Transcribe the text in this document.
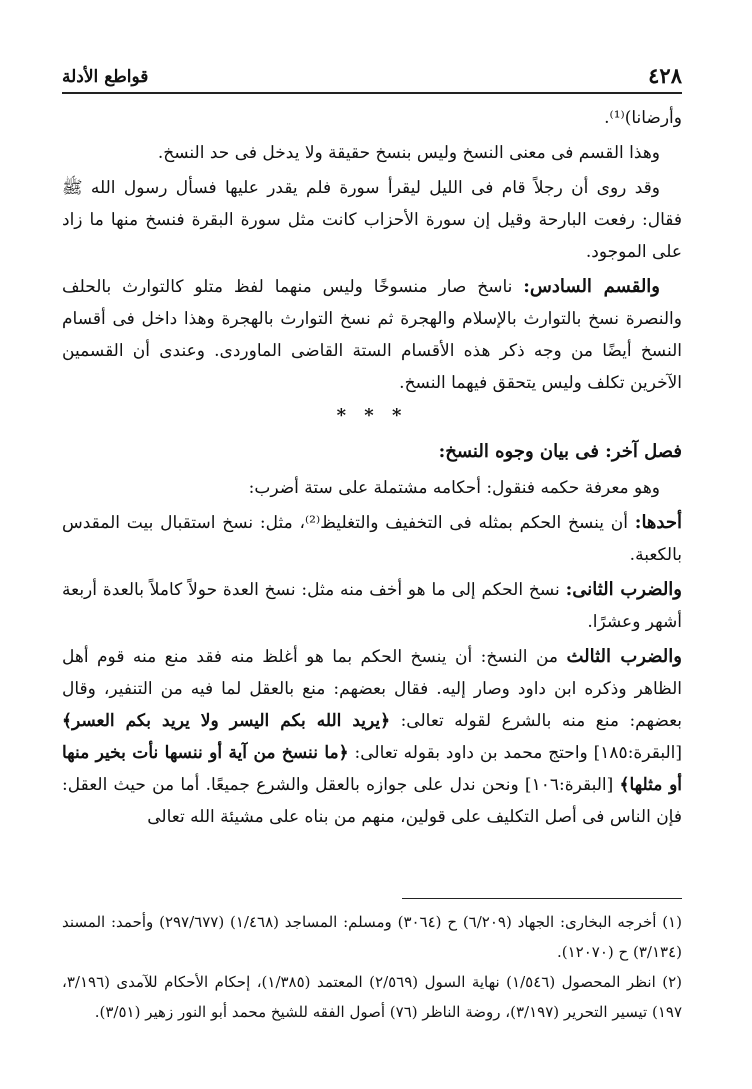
٤٢٨
قواطع الأدلة

وأرضانا)⁽¹⁾.

وهذا القسم فى معنى النسخ وليس بنسخ حقيقة ولا يدخل فى حد النسخ.

وقد روى أن رجلاً قام فى الليل ليقرأ سورة فلم يقدر عليها فسأل رسول الله ﷺ فقال: رفعت البارحة وقيل إن سورة الأحزاب كانت مثل سورة البقرة فنسخ منها ما زاد على الموجود.

والقسم السادس: ناسخ صار منسوخًا وليس منهما لفظ متلو كالتوارث بالحلف والنصرة نسخ بالتوارث بالإسلام والهجرة ثم نسخ التوارث بالهجرة وهذا داخل فى أقسام النسخ أيضًا من وجه ذكر هذه الأقسام الستة القاضى الماوردى. وعندى أن القسمين الآخرين تكلف وليس يتحقق فيهما النسخ.

* * *

فصل آخر: فى بيان وجوه النسخ:

وهو معرفة حكمه فنقول: أحكامه مشتملة على ستة أضرب:

أحدها: أن ينسخ الحكم بمثله فى التخفيف والتغليظ⁽²⁾، مثل: نسخ استقبال بيت المقدس بالكعبة.

والضرب الثانى: نسخ الحكم إلى ما هو أخف منه مثل: نسخ العدة حولاً كاملاً بالعدة أربعة أشهر وعشرًا.

والضرب الثالث من النسخ: أن ينسخ الحكم بما هو أغلظ منه فقد منع منه قوم أهل الظاهر وذكره ابن داود وصار إليه. فقال بعضهم: منع بالعقل لما فيه من التنفير، وقال بعضهم: منع منه بالشرع لقوله تعالى: ﴿يريد الله بكم اليسر ولا يريد بكم العسر﴾ [البقرة:١٨٥] واحتج محمد بن داود بقوله تعالى: ﴿ما ننسخ من آية أو ننسها نأت بخير منها أو مثلها﴾ [البقرة:١٠٦] ونحن ندل على جوازه بالعقل والشرع جميعًا. أما من حيث العقل: فإن الناس فى أصل التكليف على قولين، منهم من بناه على مشيئة الله تعالى

(١) أخرجه البخارى: الجهاد (٦/٢٠٩) ح (٣٠٦٤) ومسلم: المساجد (١/٤٦٨) (٢٩٧/٦٧٧) وأحمد: المسند (٣/١٣٤) ح (١٢٠٧٠).

(٢) انظر المحصول (١/٥٤٦) نهاية السول (٢/٥٦٩) المعتمد (١/٣٨٥)، إحكام الأحكام للآمدى (٣/١٩٦، ١٩٧) تيسير التحرير (٣/١٩٧)، روضة الناظر (٧٦) أصول الفقه للشيخ محمد أبو النور زهير (٣/٥١).
